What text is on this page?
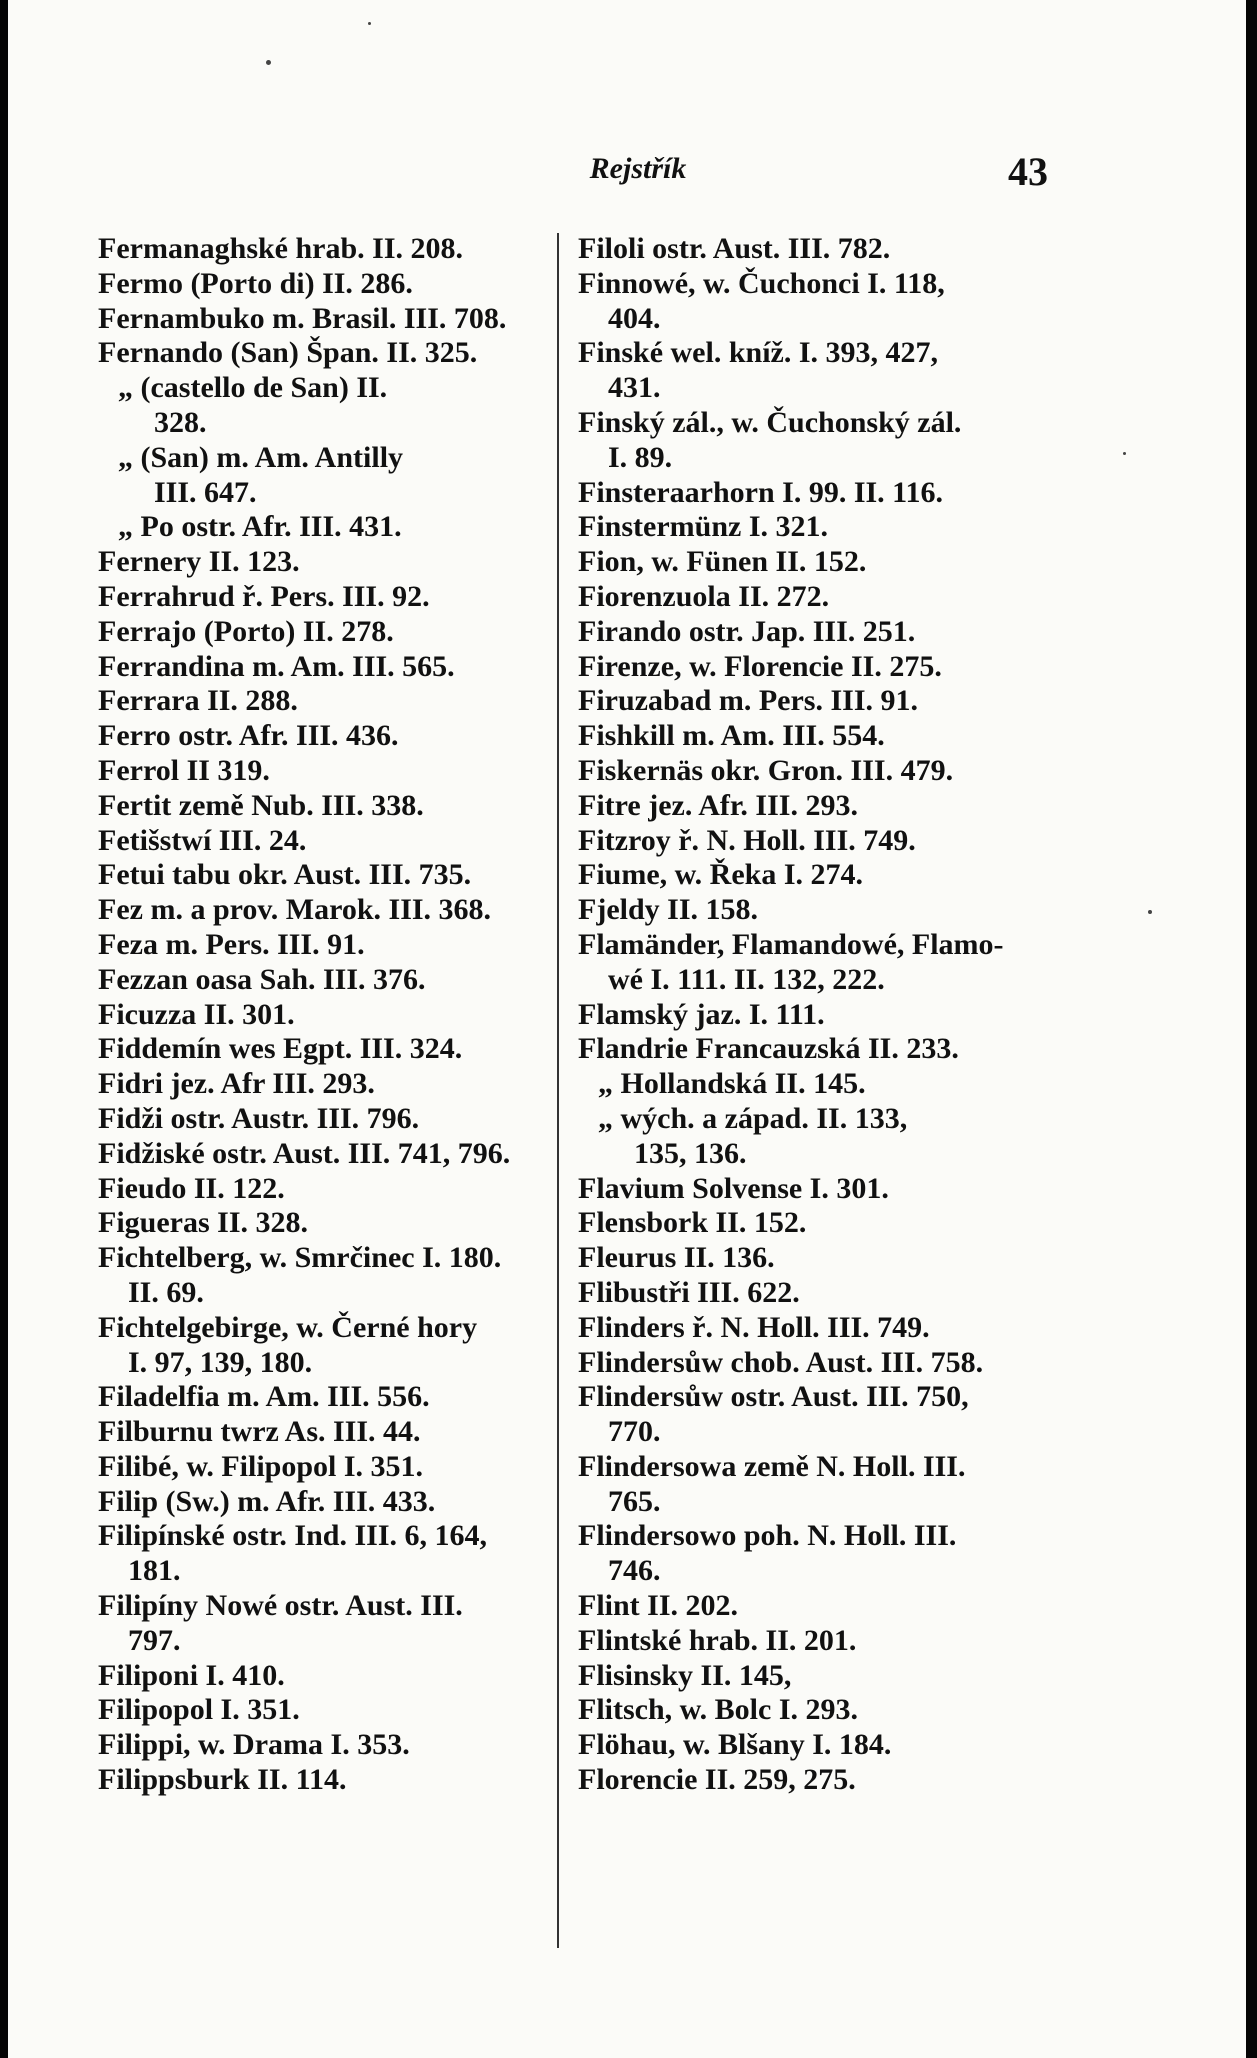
Rejstřík	43
Fermanaghské hrab. II. 208.
Fermo (Porto di) II. 286.
Fernambuko m. Brasil. III. 708.
Fernando (San) Špan. II. 325.
„ (castello de San) II.
328.
„ (San) m. Am. Antilly
III. 647.
„ Po ostr. Afr. III. 431.
Fernery II. 123.
Ferrahrud ř. Pers. III. 92.
Ferrajo (Porto) II. 278.
Ferrandina m. Am. III. 565.
Ferrara II. 288.
Ferro ostr. Afr. III. 436.
Ferrol II 319.
Fertit země Nub. III. 338.
Fetišstwí III. 24.
Fetui tabu okr. Aust. III. 735.
Fez m. a prov. Marok. III. 368.
Feza m. Pers. III. 91.
Fezzan oasa Sah. III. 376.
Ficuzza II. 301.
Fiddemín wes Egpt. III. 324.
Fidri jez. Afr III. 293.
Fidži ostr. Austr. III. 796.
Fidžiské ostr. Aust. III. 741, 796.
Fieudo II. 122.
Figueras II. 328.
Fichtelberg, w. Smrčinec I. 180.
II. 69.
Fichtelgebirge, w. Černé hory
I. 97, 139, 180.
Filadelfia m. Am. III. 556.
Filburnu twrz As. III. 44.
Filibé, w. Filipopol I. 351.
Filip (Sw.) m. Afr. III. 433.
Filipínské ostr. Ind. III. 6, 164,
181.
Filipíny Nowé ostr. Aust. III.
797.
Filiponi I. 410.
Filipopol I. 351.
Filippi, w. Drama I. 353.
Filippsburk II. 114.
Filoli ostr. Aust. III. 782.
Finnowé, w. Čuchonci I. 118,
404.
Finské wel. kníž. I. 393, 427,
431.
Finský zál., w. Čuchonský zál.
I. 89.
Finsteraarhorn I. 99. II. 116.
Finstermünz I. 321.
Fion, w. Fünen II. 152.
Fiorenzuola II. 272.
Firando ostr. Jap. III. 251.
Firenze, w. Florencie II. 275.
Firuzabad m. Pers. III. 91.
Fishkill m. Am. III. 554.
Fiskernäs okr. Gron. III. 479.
Fitre jez. Afr. III. 293.
Fitzroy ř. N. Holl. III. 749.
Fiume, w. Řeka I. 274.
Fjeldy II. 158.
Flamänder, Flamandowé, Flamo-
wé I. 111. II. 132, 222.
Flamský jaz. I. 111.
Flandrie Francauzská II. 233.
„ Hollandská II. 145.
„ wých. a západ. II. 133,
135, 136.
Flavium Solvense I. 301.
Flensbork II. 152.
Fleurus II. 136.
Flibustři III. 622.
Flinders ř. N. Holl. III. 749.
Flindersůw chob. Aust. III. 758.
Flindersůw ostr. Aust. III. 750,
770.
Flindersowa země N. Holl. III.
765.
Flindersowo poh. N. Holl. III.
746.
Flint II. 202.
Flintské hrab. II. 201.
Flisinsky II. 145,
Flitsch, w. Bolc I. 293.
Flöhau, w. Blšany I. 184.
Florencie II. 259, 275.
